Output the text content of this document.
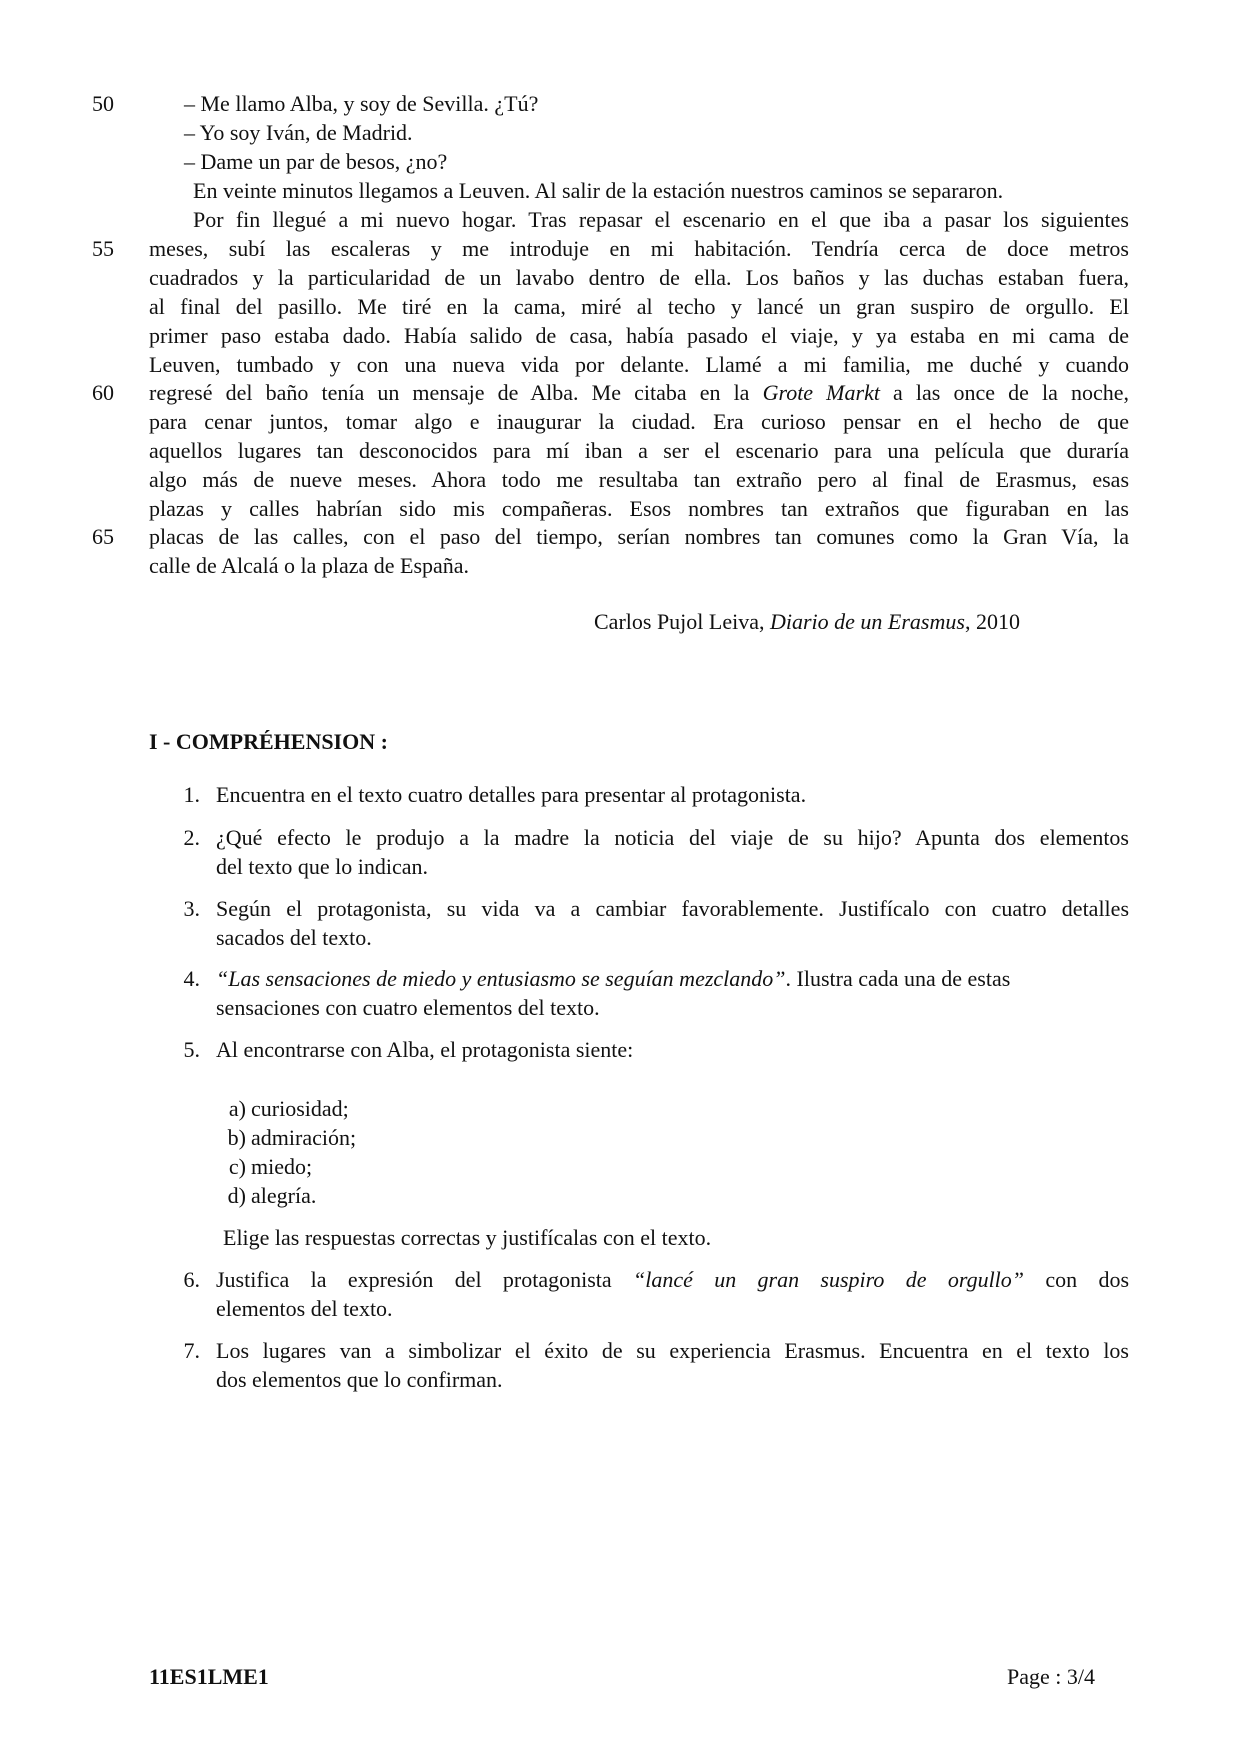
50
55
60
65
– Me llamo Alba, y soy de Sevilla. ¿Tú?
– Yo soy Iván, de Madrid.
– Dame un par de besos, ¿no?
En veinte minutos llegamos a Leuven. Al salir de la estación nuestros caminos se separaron.
Por fin llegué a mi nuevo hogar. Tras repasar el escenario en el que iba a pasar los siguientes
meses, subí las escaleras y me introduje en mi habitación. Tendría cerca de doce metros
cuadrados y la particularidad de un lavabo dentro de ella. Los baños y las duchas estaban fuera,
al final del pasillo. Me tiré en la cama, miré al techo y lancé un gran suspiro de orgullo. El
primer paso estaba dado. Había salido de casa, había pasado el viaje, y ya estaba en mi cama de
Leuven, tumbado y con una nueva vida por delante. Llamé a mi familia, me duché y cuando
regresé del baño tenía un mensaje de Alba. Me citaba en la Grote Markt a las once de la noche,
para cenar juntos, tomar algo e inaugurar la ciudad. Era curioso pensar en el hecho de que
aquellos lugares tan desconocidos para mí iban a ser el escenario para una película que duraría
algo más de nueve meses. Ahora todo me resultaba tan extraño pero al final de Erasmus, esas
plazas y calles habrían sido mis compañeras. Esos nombres tan extraños que figuraban en las
placas de las calles, con el paso del tiempo, serían nombres tan comunes como la Gran Vía, la
calle de Alcalá o la plaza de España.
Carlos Pujol Leiva, Diario de un Erasmus, 2010
I - COMPRÉHENSION :
1. Encuentra en el texto cuatro detalles para presentar al protagonista.
2. ¿Qué efecto le produjo a la madre la noticia del viaje de su hijo? Apunta dos elementos
del texto que lo indican.
3. Según el protagonista, su vida va a cambiar favorablemente. Justifícalo con cuatro detalles
sacados del texto.
4. “Las sensaciones de miedo y entusiasmo se seguían mezclando”. Ilustra cada una de estas
sensaciones con cuatro elementos del texto.
5. Al encontrarse con Alba, el protagonista siente:
a) curiosidad;
b) admiración;
c) miedo;
d) alegría.
Elige las respuestas correctas y justifícalas con el texto.
6. Justifica la expresión del protagonista “lancé un gran suspiro de orgullo” con dos
elementos del texto.
7. Los lugares van a simbolizar el éxito de su experiencia Erasmus. Encuentra en el texto los
dos elementos que lo confirman.
11ES1LME1	Page : 3/4
